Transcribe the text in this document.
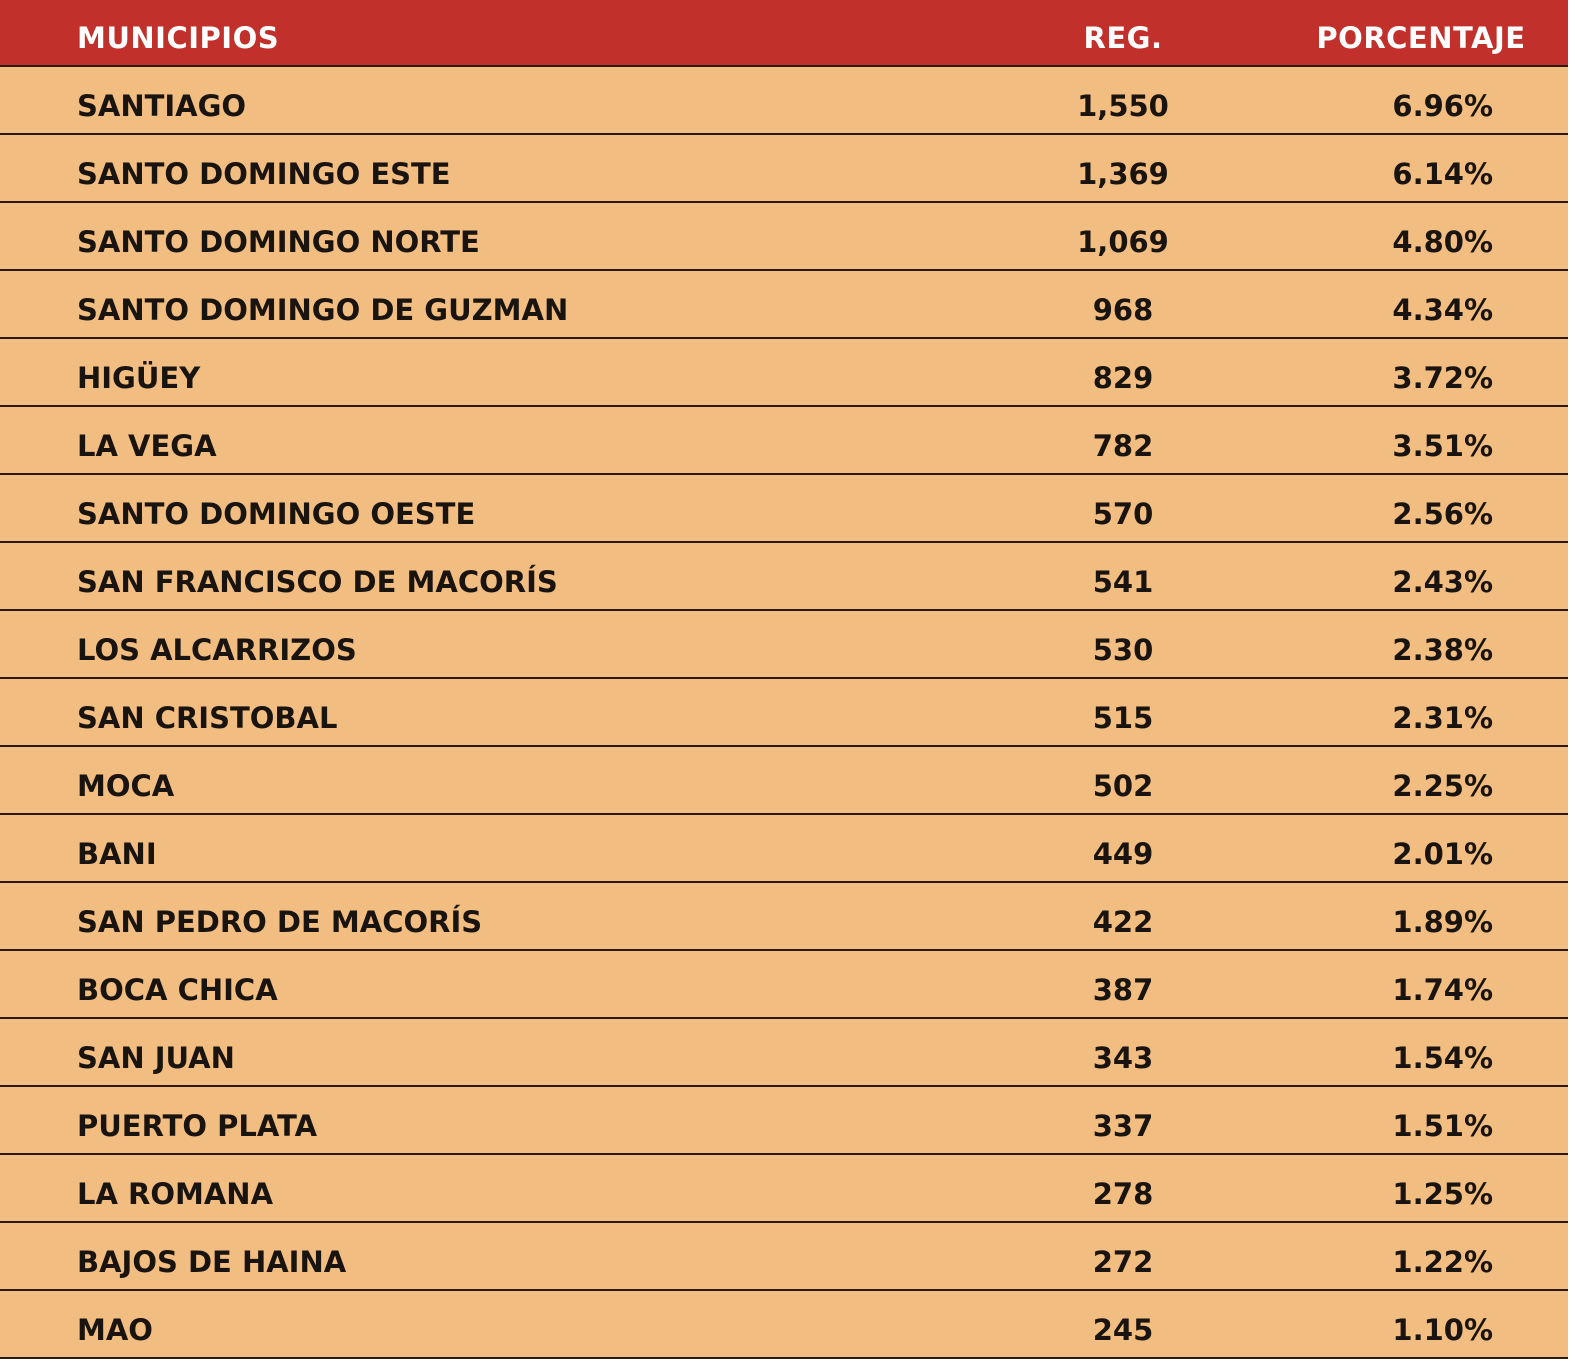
MUNICIPIOS	REG.	PORCENTAJE
SANTIAGO	1,550	6.96%
SANTO DOMINGO ESTE	1,369	6.14%
SANTO DOMINGO NORTE	1,069	4.80%
SANTO DOMINGO DE GUZMAN	968	4.34%
HIGÜEY	829	3.72%
LA VEGA	782	3.51%
SANTO DOMINGO OESTE	570	2.56%
SAN FRANCISCO DE MACORÍS	541	2.43%
LOS ALCARRIZOS	530	2.38%
SAN CRISTOBAL	515	2.31%
MOCA	502	2.25%
BANI	449	2.01%
SAN PEDRO DE MACORÍS	422	1.89%
BOCA CHICA	387	1.74%
SAN JUAN	343	1.54%
PUERTO PLATA	337	1.51%
LA ROMANA	278	1.25%
BAJOS DE HAINA	272	1.22%
MAO	245	1.10%
